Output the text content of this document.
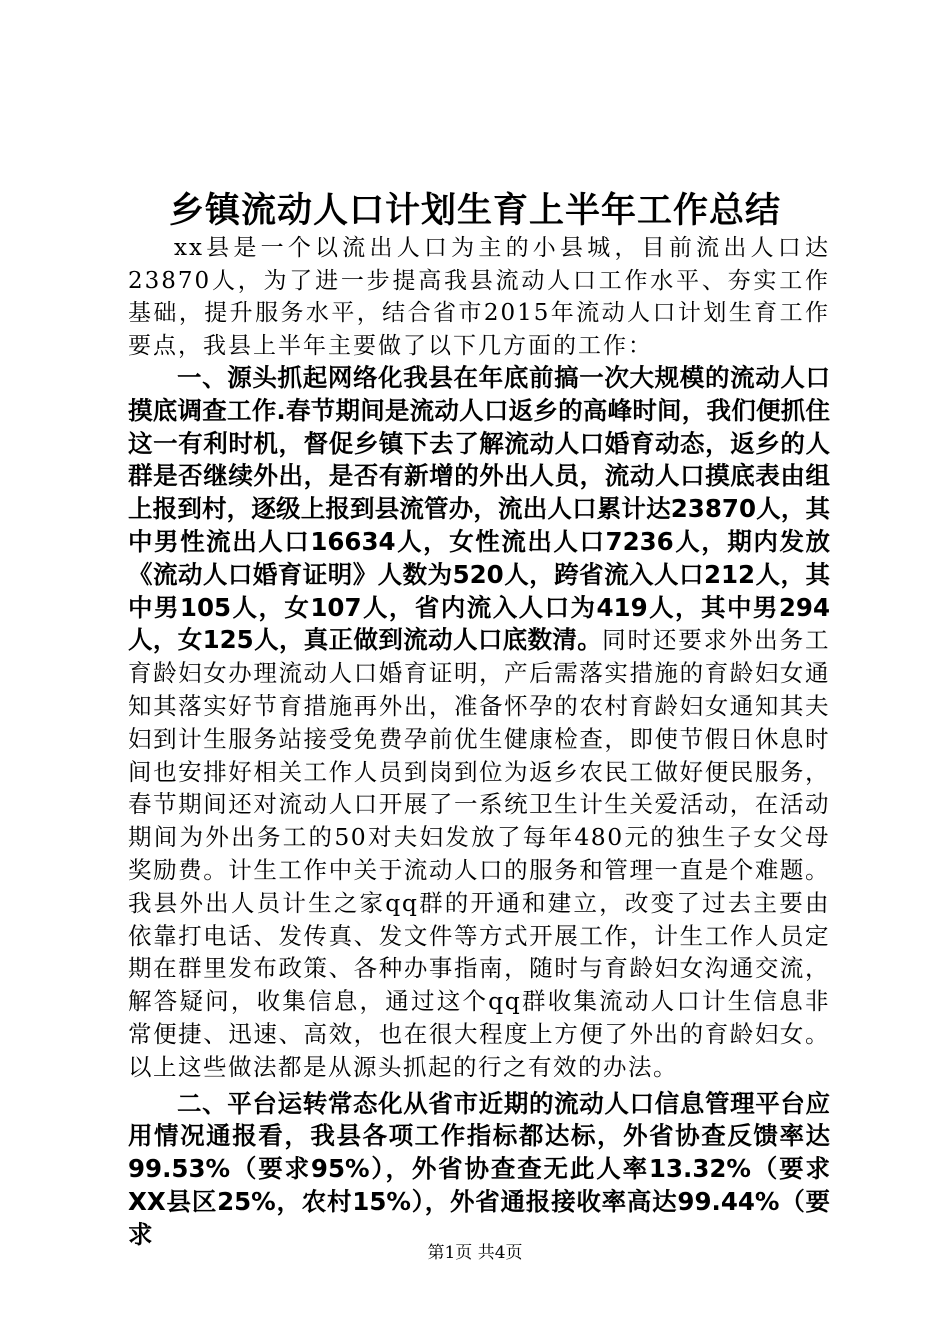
乡镇流动人口计划生育上半年工作总结

xx县是一个以流出人口为主的小县城，目前流出人口达23870人，为了进一步提高我县流动人口工作水平、夯实工作基础，提升服务水平，结合省市2015年流动人口计划生育工作要点，我县上半年主要做了以下几方面的工作：

一、源头抓起网络化我县在年底前搞一次大规模的流动人口摸底调查工作.春节期间是流动人口返乡的高峰时间，我们便抓住这一有利时机，督促乡镇下去了解流动人口婚育动态，返乡的人群是否继续外出，是否有新增的外出人员，流动人口摸底表由组上报到村，逐级上报到县流管办，流出人口累计达23870人，其中男性流出人口16634人，女性流出人口7236人，期内发放《流动人口婚育证明》人数为520人，跨省流入人口212人，其中男105人，女107人，省内流入人口为419人，其中男294人，女125人，真正做到流动人口底数清。同时还要求外出务工育龄妇女办理流动人口婚育证明，产后需落实措施的育龄妇女通知其落实好节育措施再外出，准备怀孕的农村育龄妇女通知其夫妇到计生服务站接受免费孕前优生健康检查，即使节假日休息时间也安排好相关工作人员到岗到位为返乡农民工做好便民服务，春节期间还对流动人口开展了一系统卫生计生关爱活动，在活动期间为外出务工的50对夫妇发放了每年480元的独生子女父母奖励费。计生工作中关于流动人口的服务和管理一直是个难题。我县外出人员计生之家qq群的开通和建立，改变了过去主要由依靠打电话、发传真、发文件等方式开展工作，计生工作人员定期在群里发布政策、各种办事指南，随时与育龄妇女沟通交流，解答疑问，收集信息，通过这个qq群收集流动人口计生信息非常便捷、迅速、高效，也在很大程度上方便了外出的育龄妇女。以上这些做法都是从源头抓起的行之有效的办法。

二、平台运转常态化从省市近期的流动人口信息管理平台应用情况通报看，我县各项工作指标都达标，外省协查反馈率达99.53%（要求95%），外省协查查无此人率13.32%（要求XX县区25%，农村15%），外省通报接收率高达99.44%（要求

第1页 共4页
